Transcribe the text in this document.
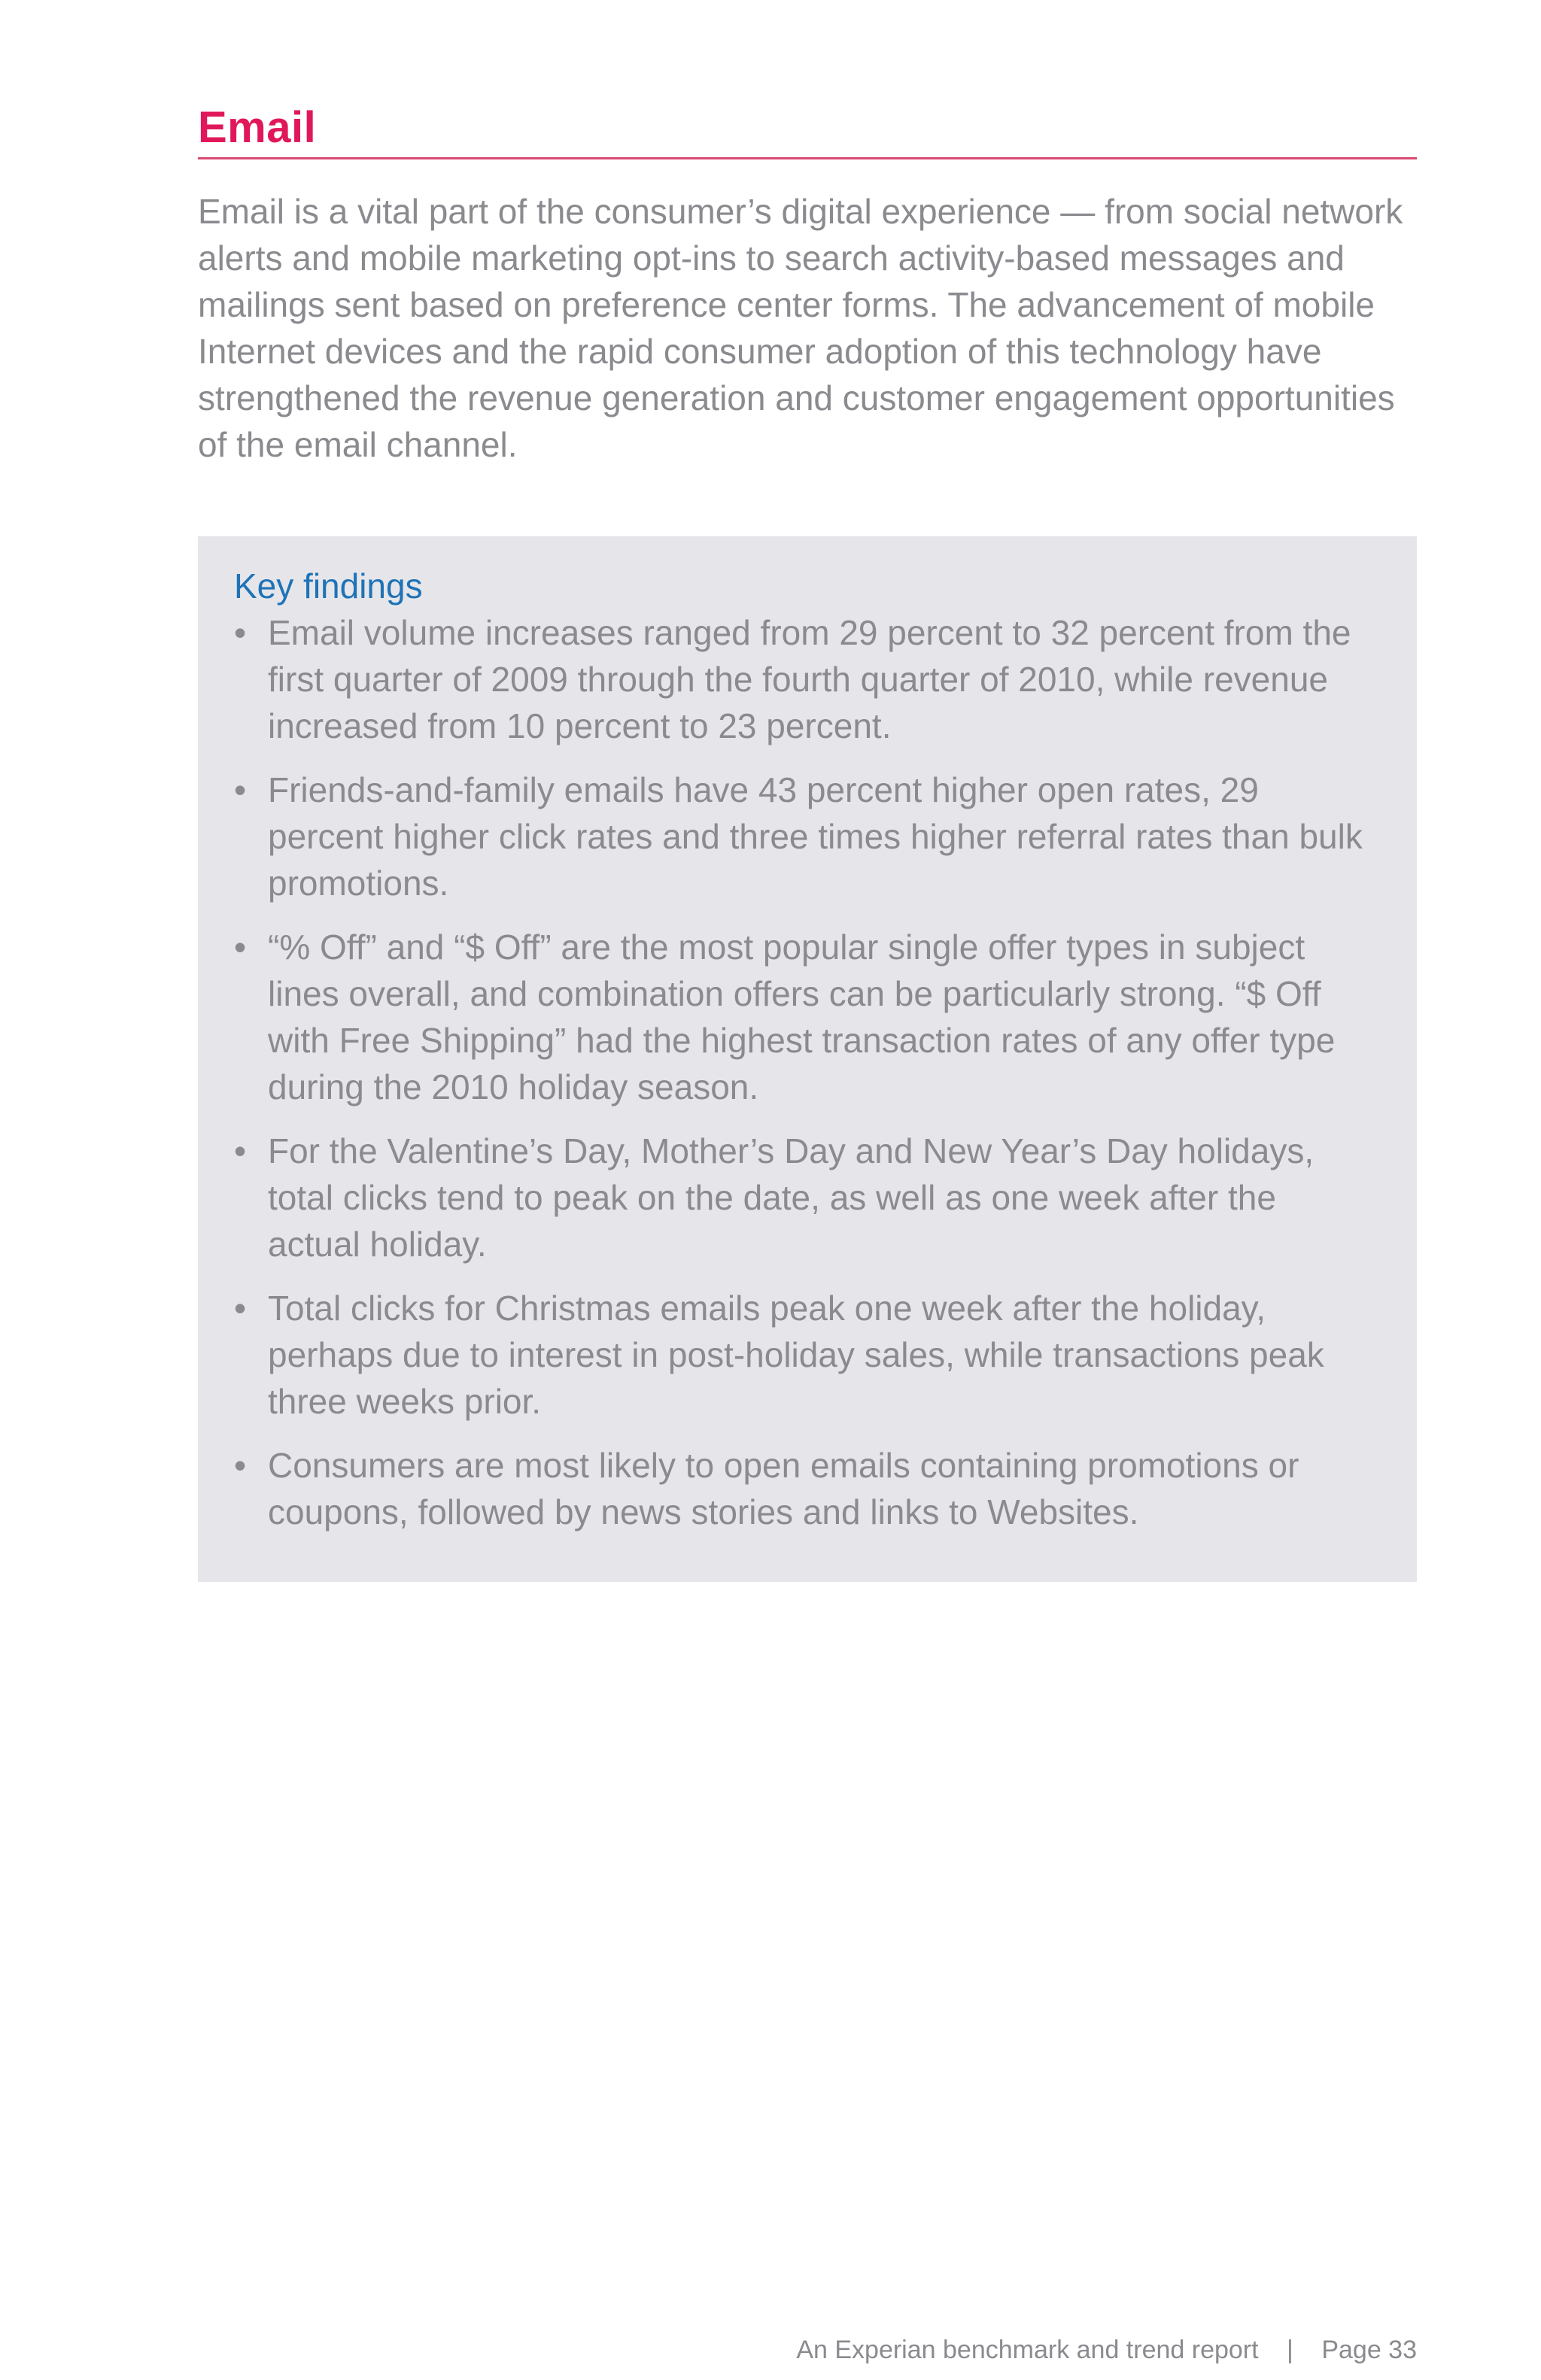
Email

Email is a vital part of the consumer’s digital experience — from social network alerts and mobile marketing opt-ins to search activity-based messages and mailings sent based on preference center forms. The advancement of mobile Internet devices and the rapid consumer adoption of this technology have strengthened the revenue generation and customer engagement opportunities of the email channel.

Key findings
• Email volume increases ranged from 29 percent to 32 percent from the first quarter of 2009 through the fourth quarter of 2010, while revenue increased from 10 percent to 23 percent.
• Friends-and-family emails have 43 percent higher open rates, 29 percent higher click rates and three times higher referral rates than bulk promotions.
• “% Off” and “$ Off” are the most popular single offer types in subject lines overall, and combination offers can be particularly strong. “$ Off with Free Shipping” had the highest transaction rates of any offer type during the 2010 holiday season.
• For the Valentine’s Day, Mother’s Day and New Year’s Day holidays, total clicks tend to peak on the date, as well as one week after the actual holiday.
• Total clicks for Christmas emails peak one week after the holiday, perhaps due to interest in post-holiday sales, while transactions peak three weeks prior.
• Consumers are most likely to open emails containing promotions or coupons, followed by news stories and links to Websites.
An Experian benchmark and trend report | Page 33
